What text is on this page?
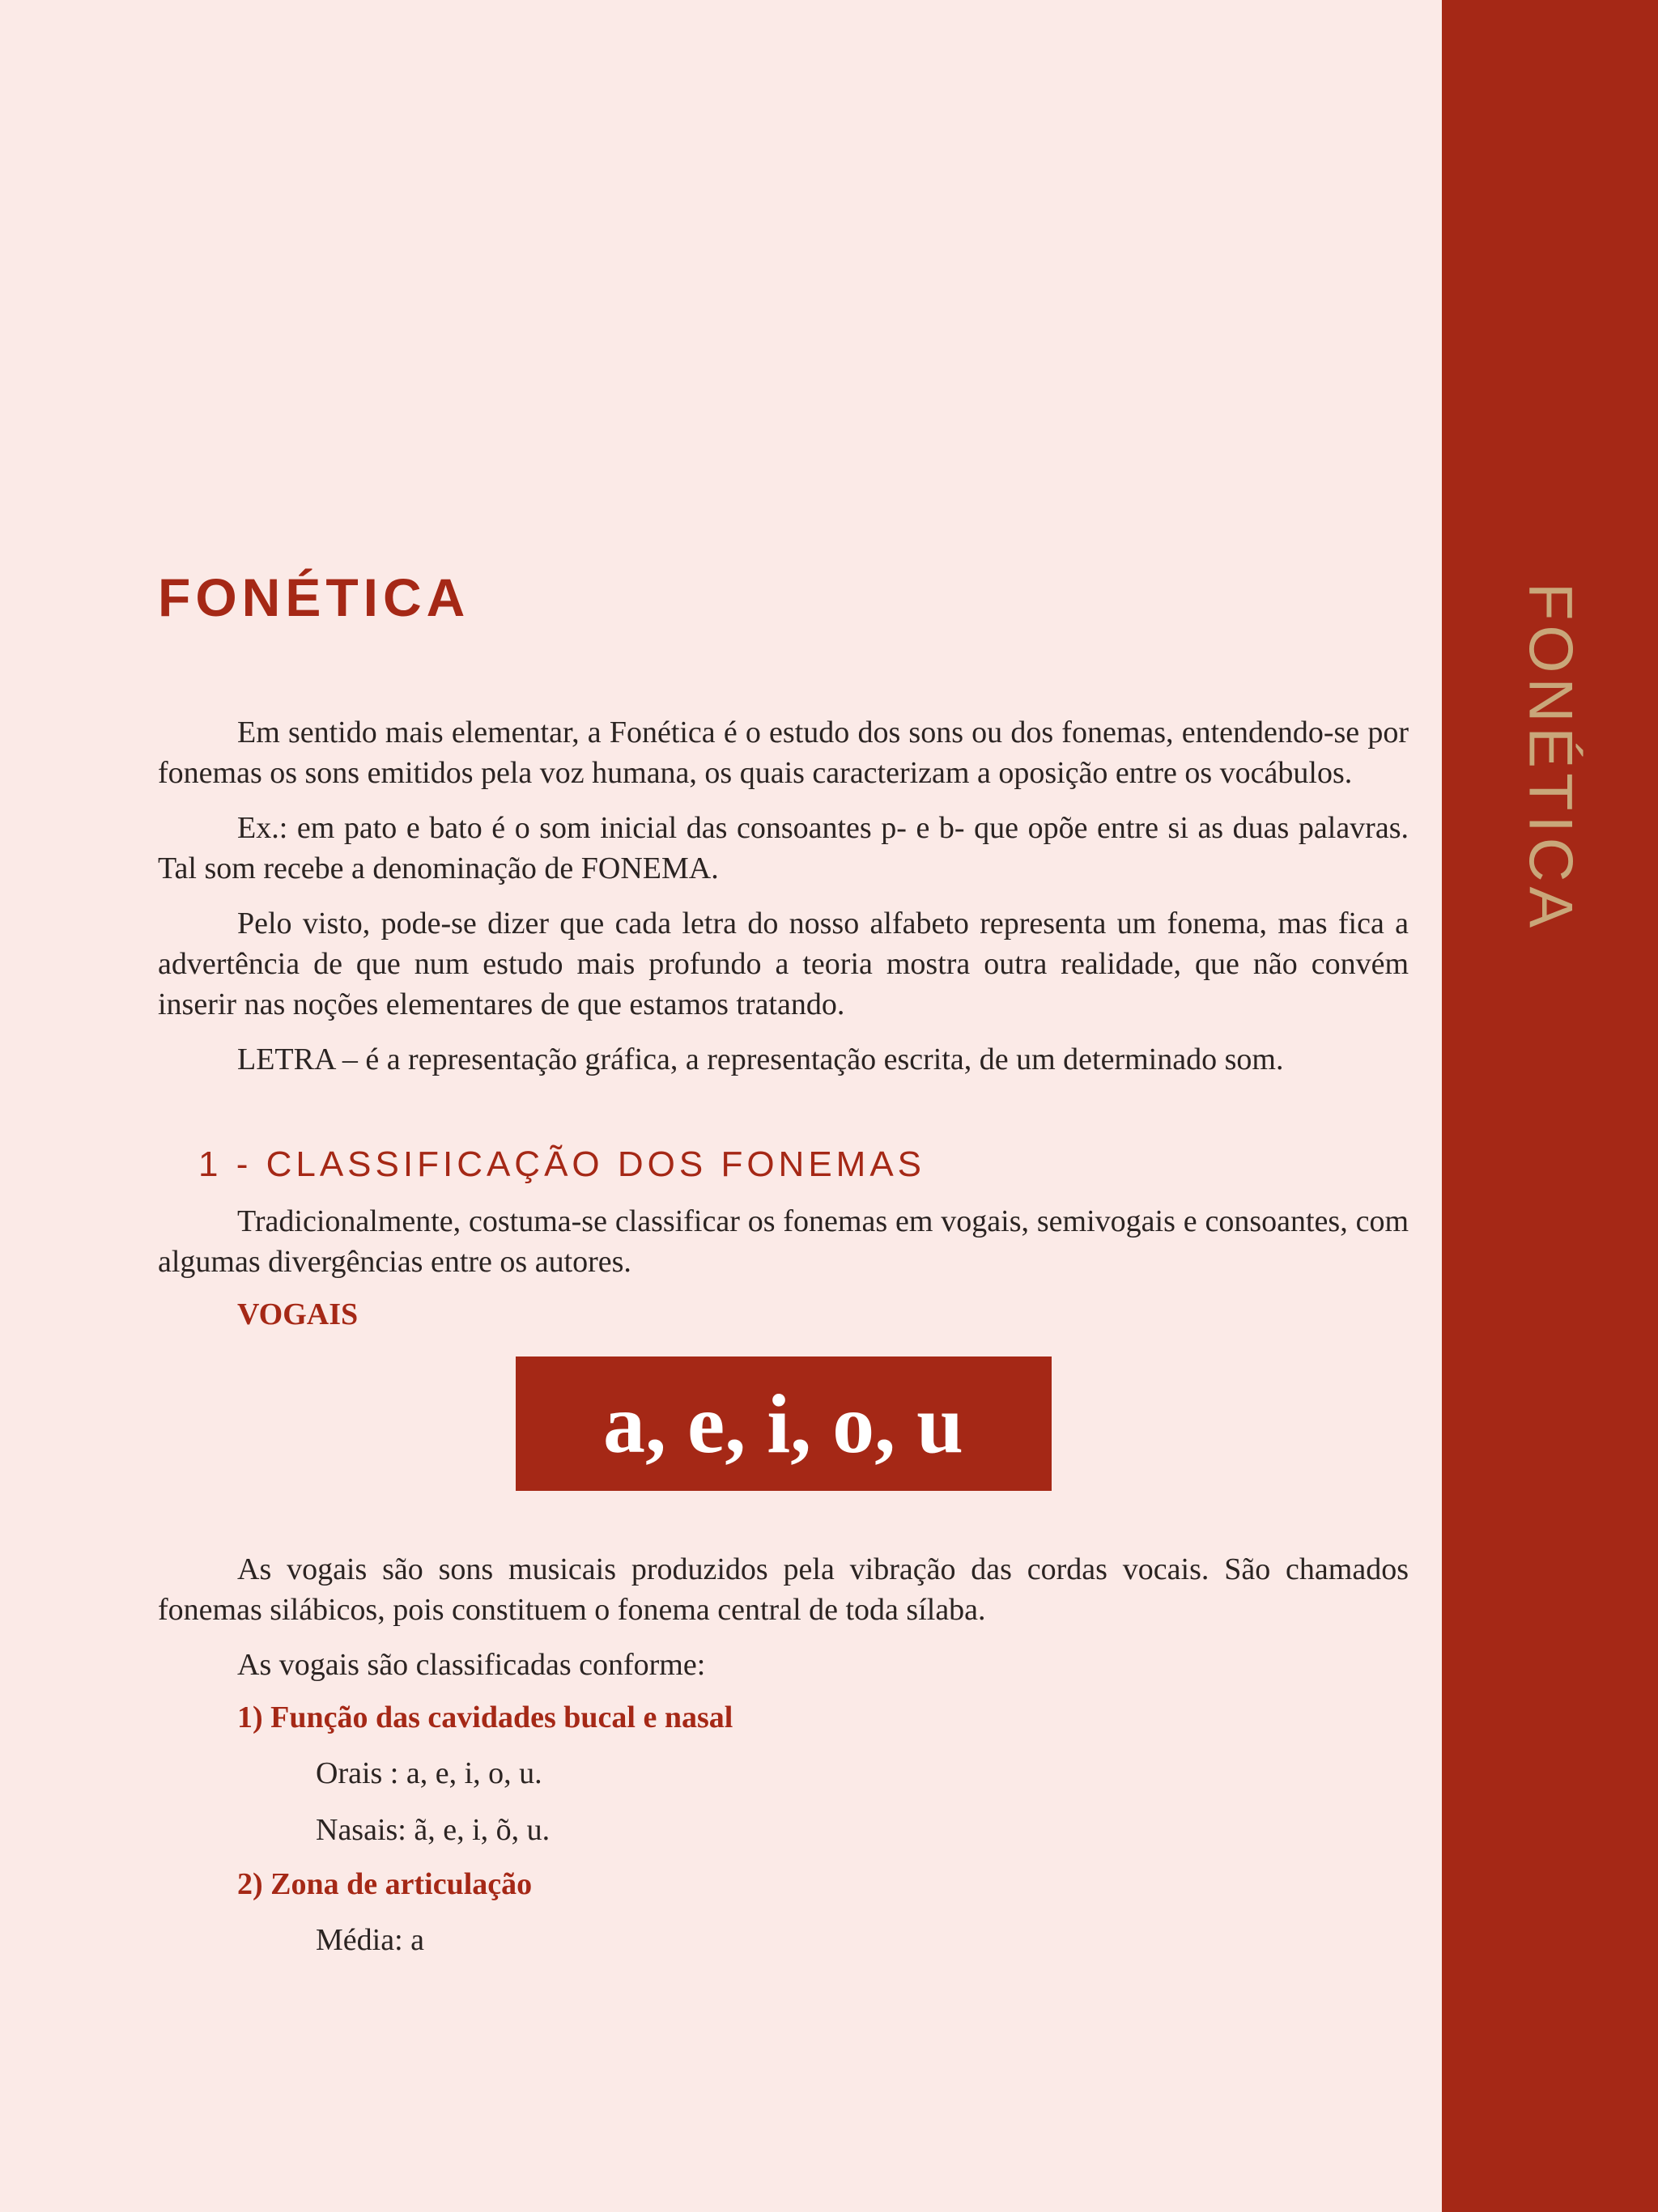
FONÉTICA
FONÉTICA

Em sentido mais elementar, a Fonética é o estudo dos sons ou dos fonemas, entendendo-se por fonemas os sons emitidos pela voz humana, os quais caracterizam a oposição entre os vocábulos.

Ex.: em pato e bato é o som inicial das consoantes p- e b- que opõe entre si as duas palavras. Tal som recebe a denominação de FONEMA.

Pelo visto, pode-se dizer que cada letra do nosso alfabeto representa um fonema, mas fica a advertência de que num estudo mais profundo a teoria mostra outra realidade, que não convém inserir nas noções elementares de que estamos tratando.

LETRA – é a representação gráfica, a representação escrita, de um determinado som.

1 - CLASSIFICAÇÃO DOS FONEMAS

Tradicionalmente, costuma-se classificar os fonemas em vogais, semivogais e consoantes, com algumas divergências entre os autores.

VOGAIS
a, e, i, o, u

As vogais são sons musicais produzidos pela vibração das cordas vocais. São chamados fonemas silábicos, pois constituem o fonema central de toda sílaba.

As vogais são classificadas conforme:

1) Função das cavidades bucal e nasal
Orais : a, e, i, o, u.
Nasais: ã, e, i, õ, u.
2) Zona de articulação
Média: a
